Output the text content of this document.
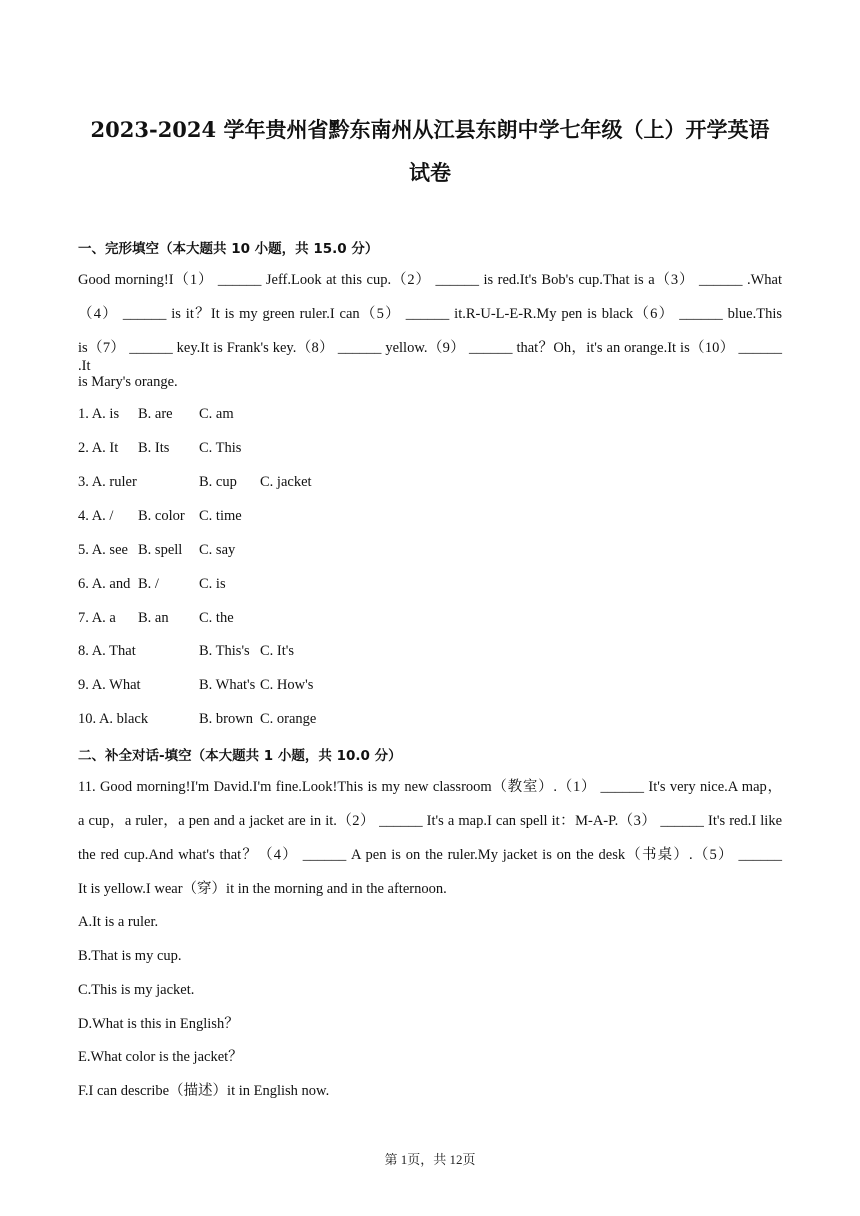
2023-2024 学年贵州省黔东南州从江县东朗中学七年级（上）开学英语
试卷
一、完形填空（本大题共 10 小题，共 15.0 分）
Good morning!I（1） ______ Jeff.Look at this cup.（2） ______ is red.It's Bob's cup.That is a（3） ______ .What
（4） ______ is it？It is my green ruler.I can（5） ______ it.R-U-L-E-R.My pen is black（6） ______ blue.This
is（7） ______ key.It is Frank's key.（8） ______ yellow.（9） ______ that？Oh，it's an orange.It is（10） ______ .It
is Mary's orange.
1. A. is B. are C. am
2. A. It B. Its C. This
3. A. ruler	B. cup C. jacket
4. A. / B. color C. time
5. A. see B. spell C. say
6. A. and B. /	C. is
7. A. a B. an C. the
8. A. That	B. This's C. It's
9. A. What	B. What's C. How's
10. A. black	B. brown C. orange
二、补全对话-填空（本大题共 1 小题，共 10.0 分）
11. Good morning!I'm David.I'm fine.Look!This is my new classroom（教室）.（1） ______ It's very nice.A map，
a cup，a ruler，a pen and a jacket are in it.（2） ______ It's a map.I can spell it：M-A-P.（3） ______ It's red.I like
the red cup.And what's that？（4） ______ A pen is on the ruler.My jacket is on the desk（书桌）.（5） ______
It is yellow.I wear（穿）it in the morning and in the afternoon.
A.It is a ruler.
B.That is my cup.
C.This is my jacket.
D.What is this in English？
E.What color is the jacket？
F.I can describe（描述）it in English now.
第 1页，共 12页
